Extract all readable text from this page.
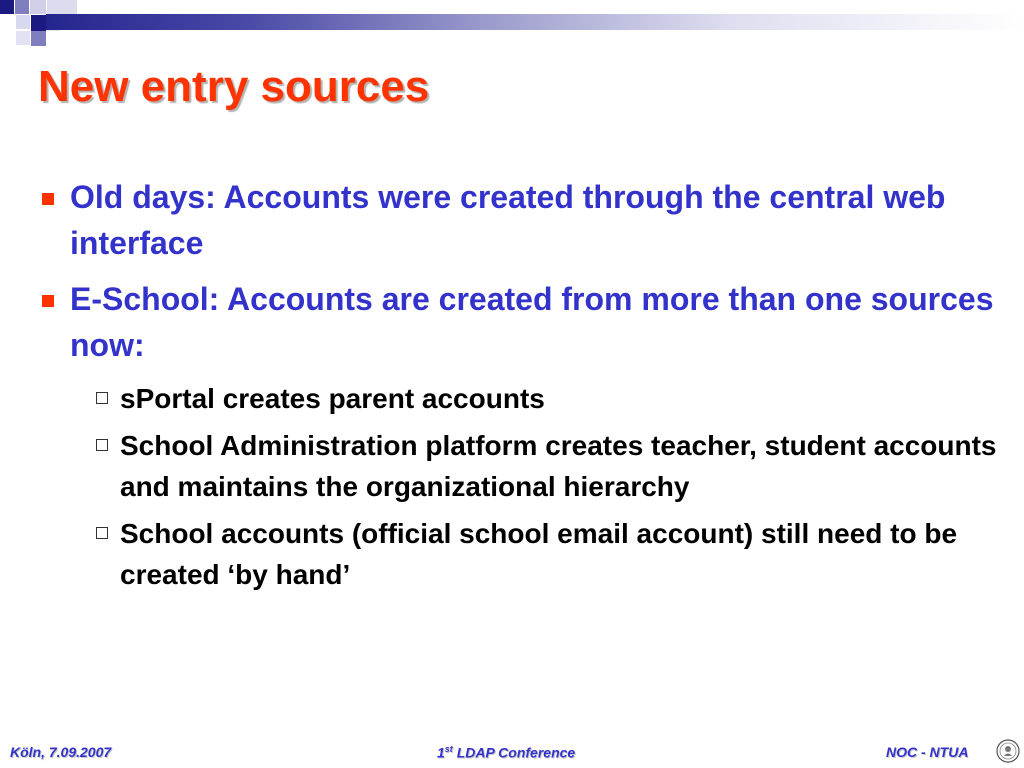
New entry sources
Old days: Accounts were created through the central web interface
E-School: Accounts are created from more than one sources now:
sPortal creates parent accounts
School Administration platform creates teacher, student accounts and maintains the organizational hierarchy
School accounts (official school email account) still need to be created ‘by hand’
Köln, 7.09.2007	1st LDAP Conference	NOC - NTUA
